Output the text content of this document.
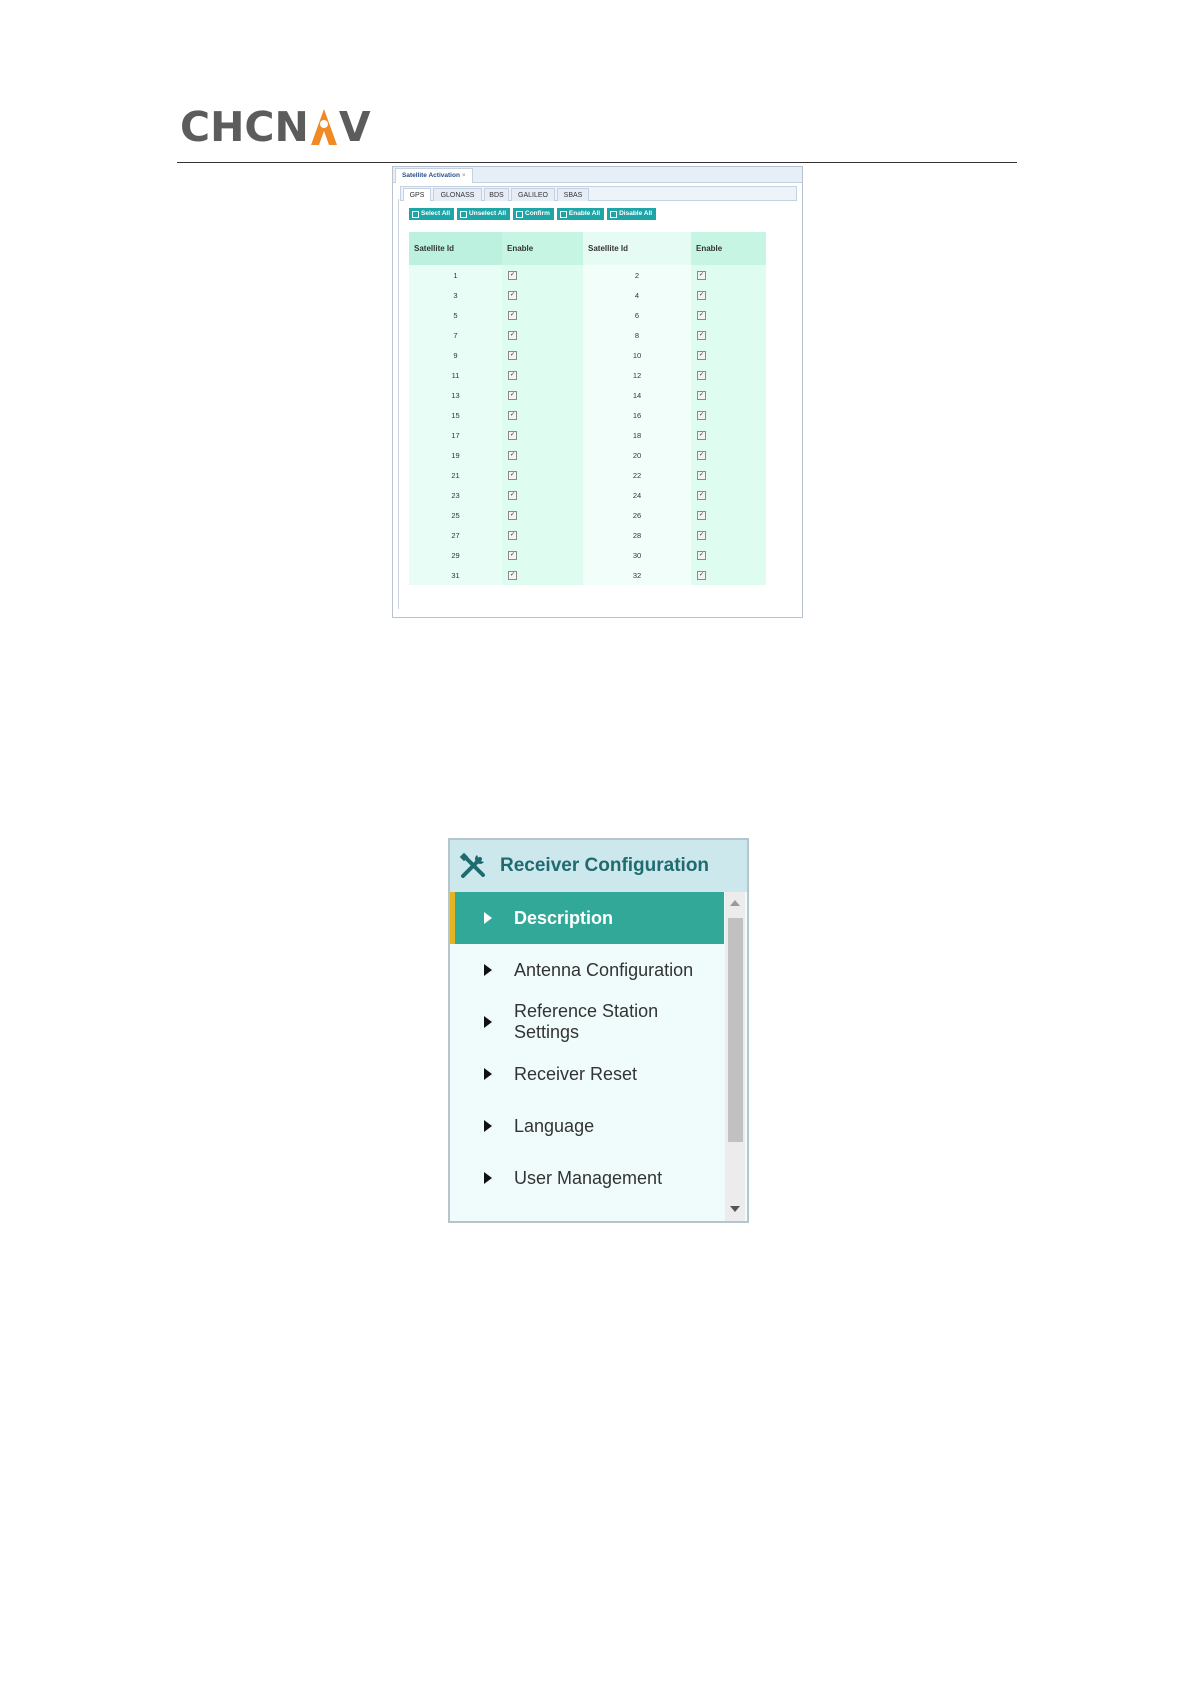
CHCN V
Satellite Activation ×
GPS	GLONASS	BDS	GALILEO	SBAS
Select All	Unselect All	Confirm	Enable All	Disable All
Satellite Id	Enable	Satellite Id	Enable
1	✓	2	✓
3	✓	4	✓
5	✓	6	✓
7	✓	8	✓
9	✓	10	✓
11	✓	12	✓
13	✓	14	✓
15	✓	16	✓
17	✓	18	✓
19	✓	20	✓
21	✓	22	✓
23	✓	24	✓
25	✓	26	✓
27	✓	28	✓
29	✓	30	✓
31	✓	32	✓
Receiver Configuration
Description
Antenna Configuration
Reference Station Settings
Receiver Reset
Language
User Management
